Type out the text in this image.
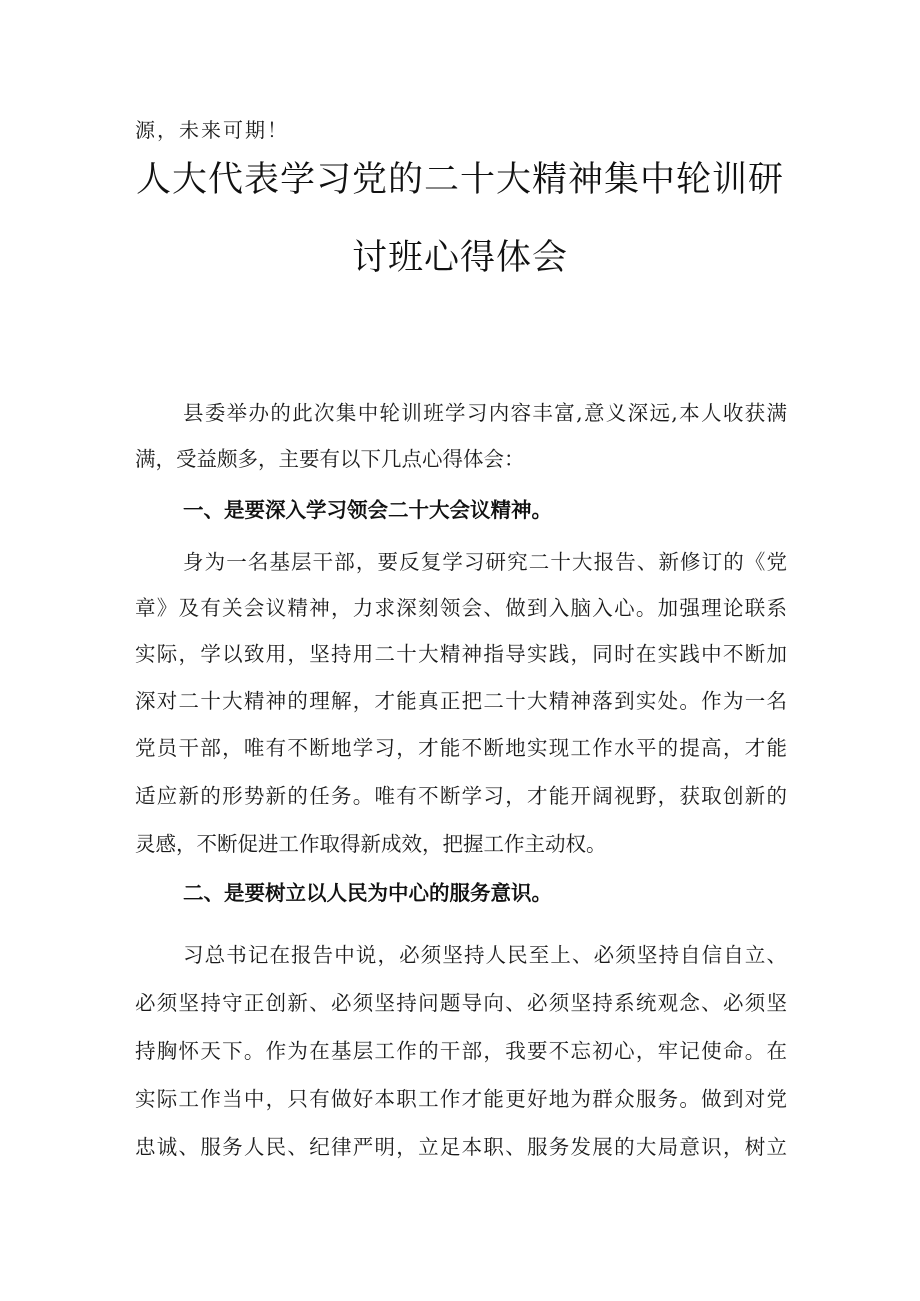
源，未来可期！
人大代表学习党的二十大精神集中轮训研
讨班心得体会
县委举办的此次集中轮训班学习内容丰富,意义深远,本人收获满
满，受益颇多，主要有以下几点心得体会：
一、是要深入学习领会二十大会议精神。
身为一名基层干部，要反复学习研究二十大报告、新修订的《党
章》及有关会议精神，力求深刻领会、做到入脑入心。加强理论联系
实际，学以致用，坚持用二十大精神指导实践，同时在实践中不断加
深对二十大精神的理解，才能真正把二十大精神落到实处。作为一名
党员干部，唯有不断地学习，才能不断地实现工作水平的提高，才能
适应新的形势新的任务。唯有不断学习，才能开阔视野，获取创新的
灵感，不断促进工作取得新成效，把握工作主动权。
二、是要树立以人民为中心的服务意识。
习总书记在报告中说，必须坚持人民至上、必须坚持自信自立、
必须坚持守正创新、必须坚持问题导向、必须坚持系统观念、必须坚
持胸怀天下。作为在基层工作的干部，我要不忘初心，牢记使命。在
实际工作当中，只有做好本职工作才能更好地为群众服务。做到对党
忠诚、服务人民、纪律严明，立足本职、服务发展的大局意识，树立
